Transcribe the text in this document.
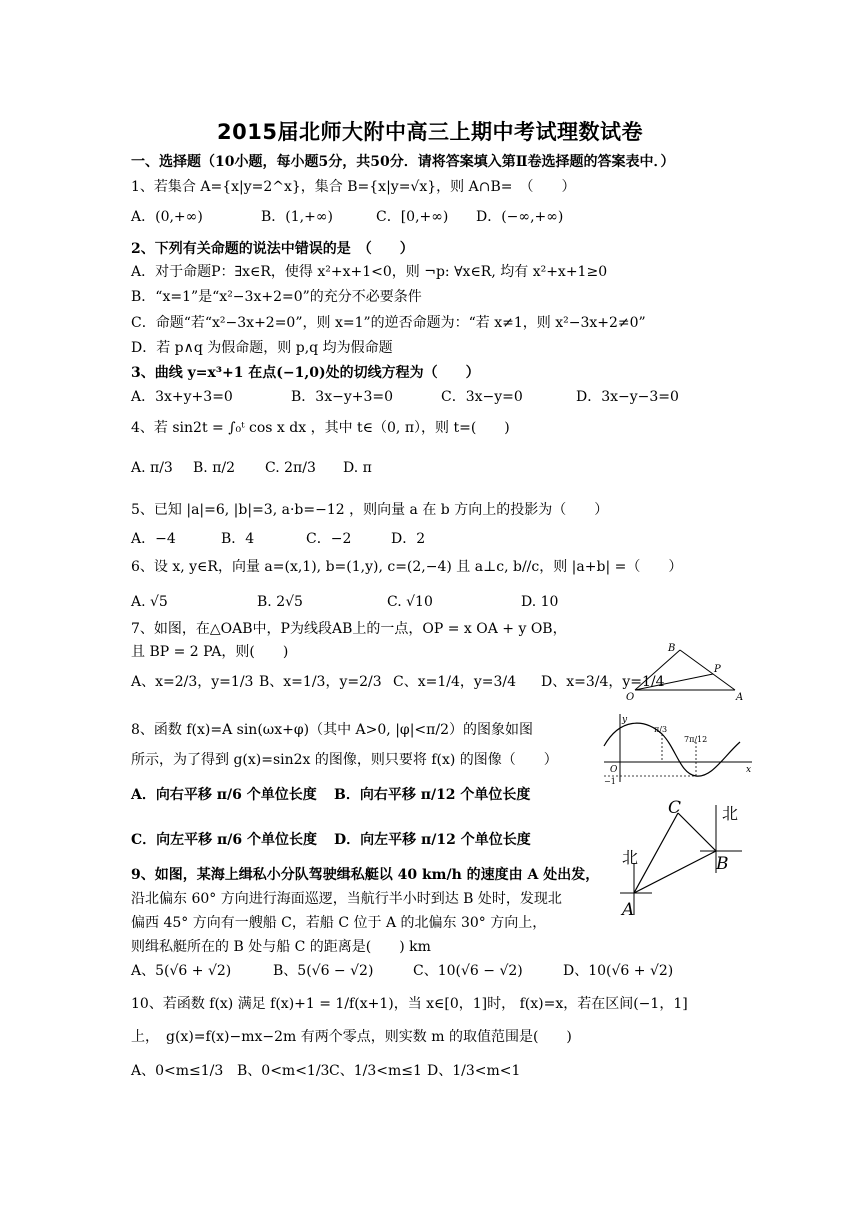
2015届北师大附中高三上期中考试理数试卷
一、选择题（10小题，每小题5分，共50分．请将答案填入第Ⅱ卷选择题的答案表中．）
1、若集合 A={x|y=2^x}，集合 B={x|y=√x}，则 A∩B=　（　　）
A．(0,+∞)	B．(1,+∞)	C．[0,+∞) D．(−∞,+∞)
2、下列有关命题的说法中错误的是　（　　）
A．对于命题P：∃x∈R，使得 x²+x+1<0，则 ¬p: ∀x∈R, 均有 x²+x+1≥0
B．“x=1”是“x²−3x+2=0”的充分不必要条件
C．命题“若“x²−3x+2=0”，则 x=1”的逆否命题为：“若 x≠1，则 x²−3x+2≠0”
D．若 p∧q 为假命题，则 p,q 均为假命题
3、曲线 y=x³+1 在点(−1,0)处的切线方程为（　　）
A．3x+y+3=0	B．3x−y+3=0	C．3x−y=0	D．3x−y−3=0
4、若 sin2t = ∫₀ᵗ cos x dx ，其中 t∈（0, π），则 t=(　　)
A. π/3 B. π/2 C. 2π/3 D. π
5、已知 |a|=6, |b|=3, a·b=−12 ，则向量 a 在 b 方向上的投影为（　　）
A．−4	B．4	C．−2	D．2
6、设 x, y∈R，向量 a=(x,1), b=(1,y), c=(2,−4) 且 a⊥c, b//c，则 |a+b| =（　　）
A. √5	B. 2√5	C. √10	D. 10
7、如图，在△OAB中，P为线段AB上的一点，OP = x OA + y OB，
且 BP = 2 PA，则(　　)
A、x=2/3，y=1/3 B、x=1/3，y=2/3 C、x=1/4，y=3/4 D、x=3/4，y=1/4
B
P
O	A
8、函数 f(x)=A sin(ωx+φ)（其中 A>0, |φ|<π/2）的图象如图
所示，为了得到 g(x)=sin2x 的图像，则只要将 f(x) 的图像（　　）
A．向右平移 π/6 个单位长度 B．向右平移 π/12 个单位长度
C．向左平移 π/6 个单位长度 D．向左平移 π/12 个单位长度
y
π/3
7π/12
O
−1
x
9、如图，某海上缉私小分队驾驶缉私艇以 40 km/h 的速度由 A 处出发，
沿北偏东 60° 方向进行海面巡逻，当航行半小时到达 B 处时，发现北
偏西 45° 方向有一艘船 C，若船 C 位于 A 的北偏东 30° 方向上，
则缉私艇所在的 B 处与船 C 的距离是(　　) km
A、5(√6 + √2)	B、5(√6 − √2)	C、10(√6 − √2)	D、10(√6 + √2)
C
北
北
B
A
10、若函数 f(x) 满足 f(x)+1 = 1/f(x+1)，当 x∈[0，1]时， f(x)=x，若在区间(−1，1]
上，　g(x)=f(x)−mx−2m 有两个零点，则实数 m 的取值范围是(　　)
A、0<m≤1/3 B、0<m<1/3C、1/3<m≤1 D、1/3<m<1
